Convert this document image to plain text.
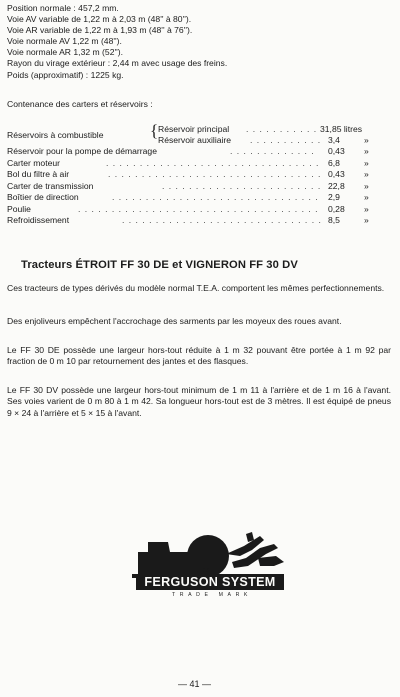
Position normale : 457,2 mm.
Voie AV variable de 1,22 m à 2,03 m (48'' à 80'').
Voie AR variable de 1,22 m à 1,93 m (48'' à 76'').
Voie normale AV 1,22 m (48'').
Voie normale AR 1,32 m (52'').
Rayon du virage extérieur : 2,44 m avec usage des freins.
Poids (approximatif) : 1225 kg.
Contenance des carters et réservoirs :
Réservoirs à combustible	{ Réservoir principal . . . . . . . . . . . 31,85 litres
Réservoir auxiliaire . . . . . . . . . . . 3,4	»
Réservoir pour la pompe de démarrage	. . . . . . . . . . . . . 0,43 »
Carter moteur	. . . . . . . . . . . . . . . . . . . . . . . . . . . . . . . . 6,8	»
Bol du filtre à air	. . . . . . . . . . . . . . . . . . . . . . . . . . . . . . . . 0,43 »
Carter de transmission	. . . . . . . . . . . . . . . . . . . . . . . . 22,8 »
Boîtier de direction	. . . . . . . . . . . . . . . . . . . . . . . . . . . . . . . 2,9	»
Poulie	. . . . . . . . . . . . . . . . . . . . . . . . . . . . . . . . . . . . 0,28 »
Refroidissement	. . . . . . . . . . . . . . . . . . . . . . . . . . . . . . 8,5	»
Tracteurs ÉTROIT FF 30 DE et VIGNERON FF 30 DV
Ces tracteurs de types dérivés du modèle normal T.E.A. comportent les mêmes perfectionnements.
Des enjoliveurs empêchent l'accrochage des sarments par les moyeux des roues avant.
Le FF 30 DE possède une largeur hors-tout réduite à 1 m 32 pouvant être portée à 1 m 92 par fraction de 0 m 10 par retournement des jantes et des flasques.
Le FF 30 DV possède une largeur hors-tout minimum de 1 m 11 à l'arrière et de 1 m 16 à l'avant. Ses voies varient de 0 m 80 à 1 m 42. Sa longueur hors-tout est de 3 mètres. Il est équipé de pneus 9 × 24 à l'arrière et 5 × 15 à l'avant.
The
FERGUSON SYSTEM
TRADE MARK
— 41 —
